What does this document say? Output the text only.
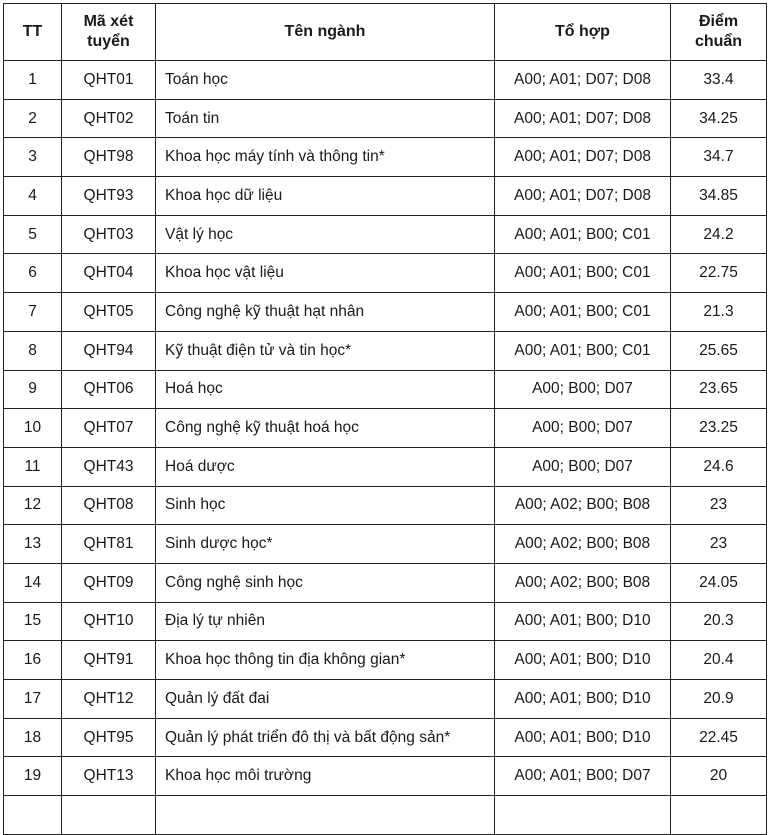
TT	Mã xét tuyển	Tên ngành	Tổ hợp	Điểm chuẩn
1	QHT01	Toán học	A00; A01; D07; D08	33.4
2	QHT02	Toán tin	A00; A01; D07; D08	34.25
3	QHT98	Khoa học máy tính và thông tin*	A00; A01; D07; D08	34.7
4	QHT93	Khoa học dữ liệu	A00; A01; D07; D08	34.85
5	QHT03	Vật lý học	A00; A01; B00; C01	24.2
6	QHT04	Khoa học vật liệu	A00; A01; B00; C01	22.75
7	QHT05	Công nghệ kỹ thuật hạt nhân	A00; A01; B00; C01	21.3
8	QHT94	Kỹ thuật điện tử và tin học*	A00; A01; B00; C01	25.65
9	QHT06	Hoá học	A00; B00; D07	23.65
10	QHT07	Công nghệ kỹ thuật hoá học	A00; B00; D07	23.25
11	QHT43	Hoá dược	A00; B00; D07	24.6
12	QHT08	Sinh học	A00; A02; B00; B08	23
13	QHT81	Sinh dược học*	A00; A02; B00; B08	23
14	QHT09	Công nghệ sinh học	A00; A02; B00; B08	24.05
15	QHT10	Địa lý tự nhiên	A00; A01; B00; D10	20.3
16	QHT91	Khoa học thông tin địa không gian*	A00; A01; B00; D10	20.4
17	QHT12	Quản lý đất đai	A00; A01; B00; D10	20.9
18	QHT95	Quản lý phát triển đô thị và bất động sản*	A00; A01; B00; D10	22.45
19	QHT13	Khoa học môi trường	A00; A01; B00; D07	20
